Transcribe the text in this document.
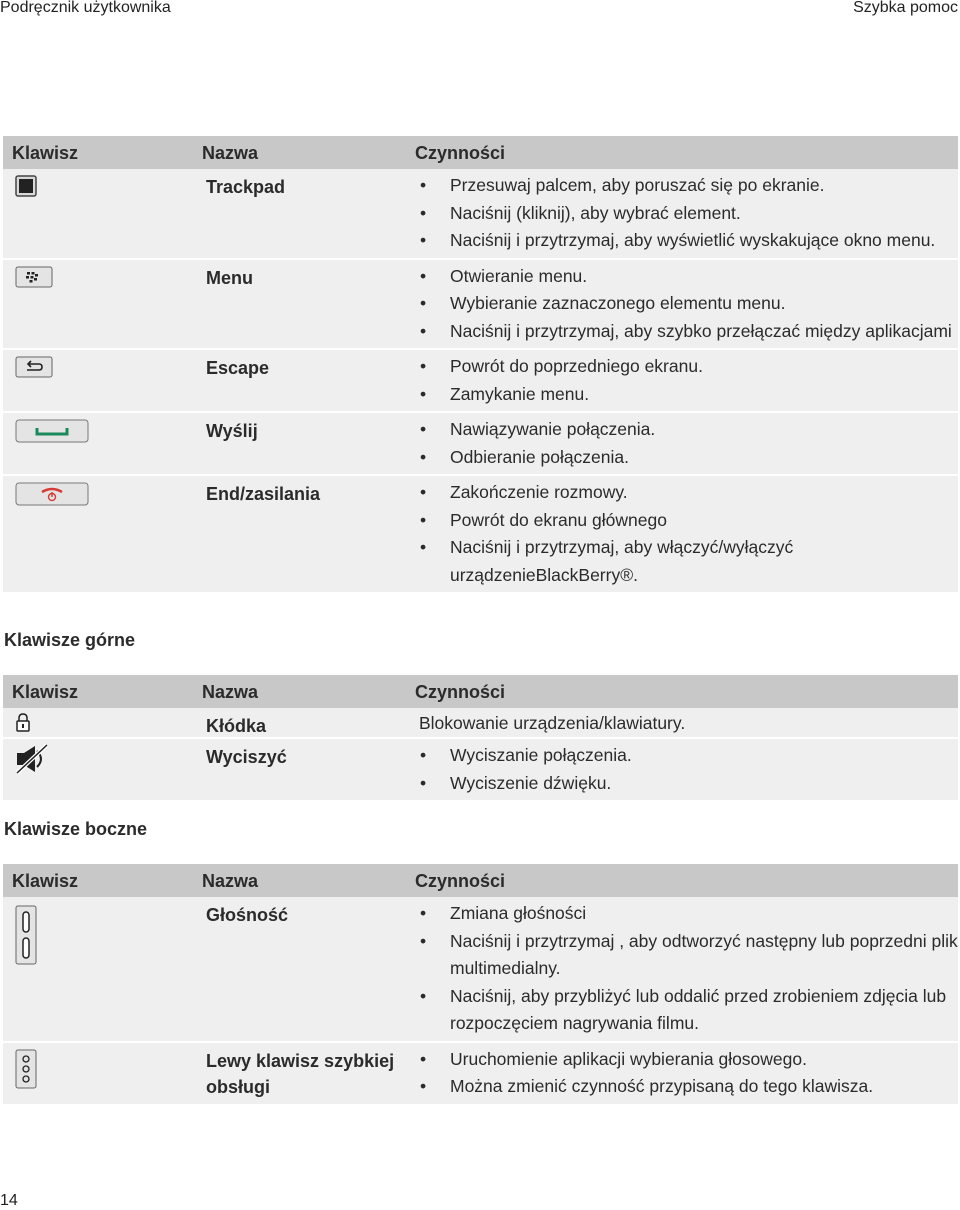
Podręcznik użytkownika	Szybka pomoc
Klawisz	Nazwa	Czynności
Trackpad	• Przesuwaj palcem, aby poruszać się po ekranie.
• Naciśnij (kliknij), aby wybrać element.
• Naciśnij i przytrzymaj, aby wyświetlić wyskakujące okno menu.
Menu	• Otwieranie menu.
• Wybieranie zaznaczonego elementu menu.
• Naciśnij i przytrzymaj, aby szybko przełączać między aplikacjami
Escape	• Powrót do poprzedniego ekranu.
• Zamykanie menu.
Wyślij	• Nawiązywanie połączenia.
• Odbieranie połączenia.
End/zasilania	• Zakończenie rozmowy.
• Powrót do ekranu głównego
• Naciśnij i przytrzymaj, aby włączyć/wyłączyć urządzenieBlackBerry®.
Klawisze górne
Klawisz	Nazwa	Czynności
Kłódka	Blokowanie urządzenia/klawiatury.
Wyciszyć	• Wyciszanie połączenia.
• Wyciszenie dźwięku.
Klawisze boczne
Klawisz	Nazwa	Czynności
Głośność	• Zmiana głośności
• Naciśnij i przytrzymaj , aby odtworzyć następny lub poprzedni plik multimedialny.
• Naciśnij, aby przybliżyć lub oddalić przed zrobieniem zdjęcia lub rozpoczęciem nagrywania filmu.
Lewy klawisz szybkiej obsługi
• Uruchomienie aplikacji wybierania głosowego.
• Można zmienić czynność przypisaną do tego klawisza.
14
